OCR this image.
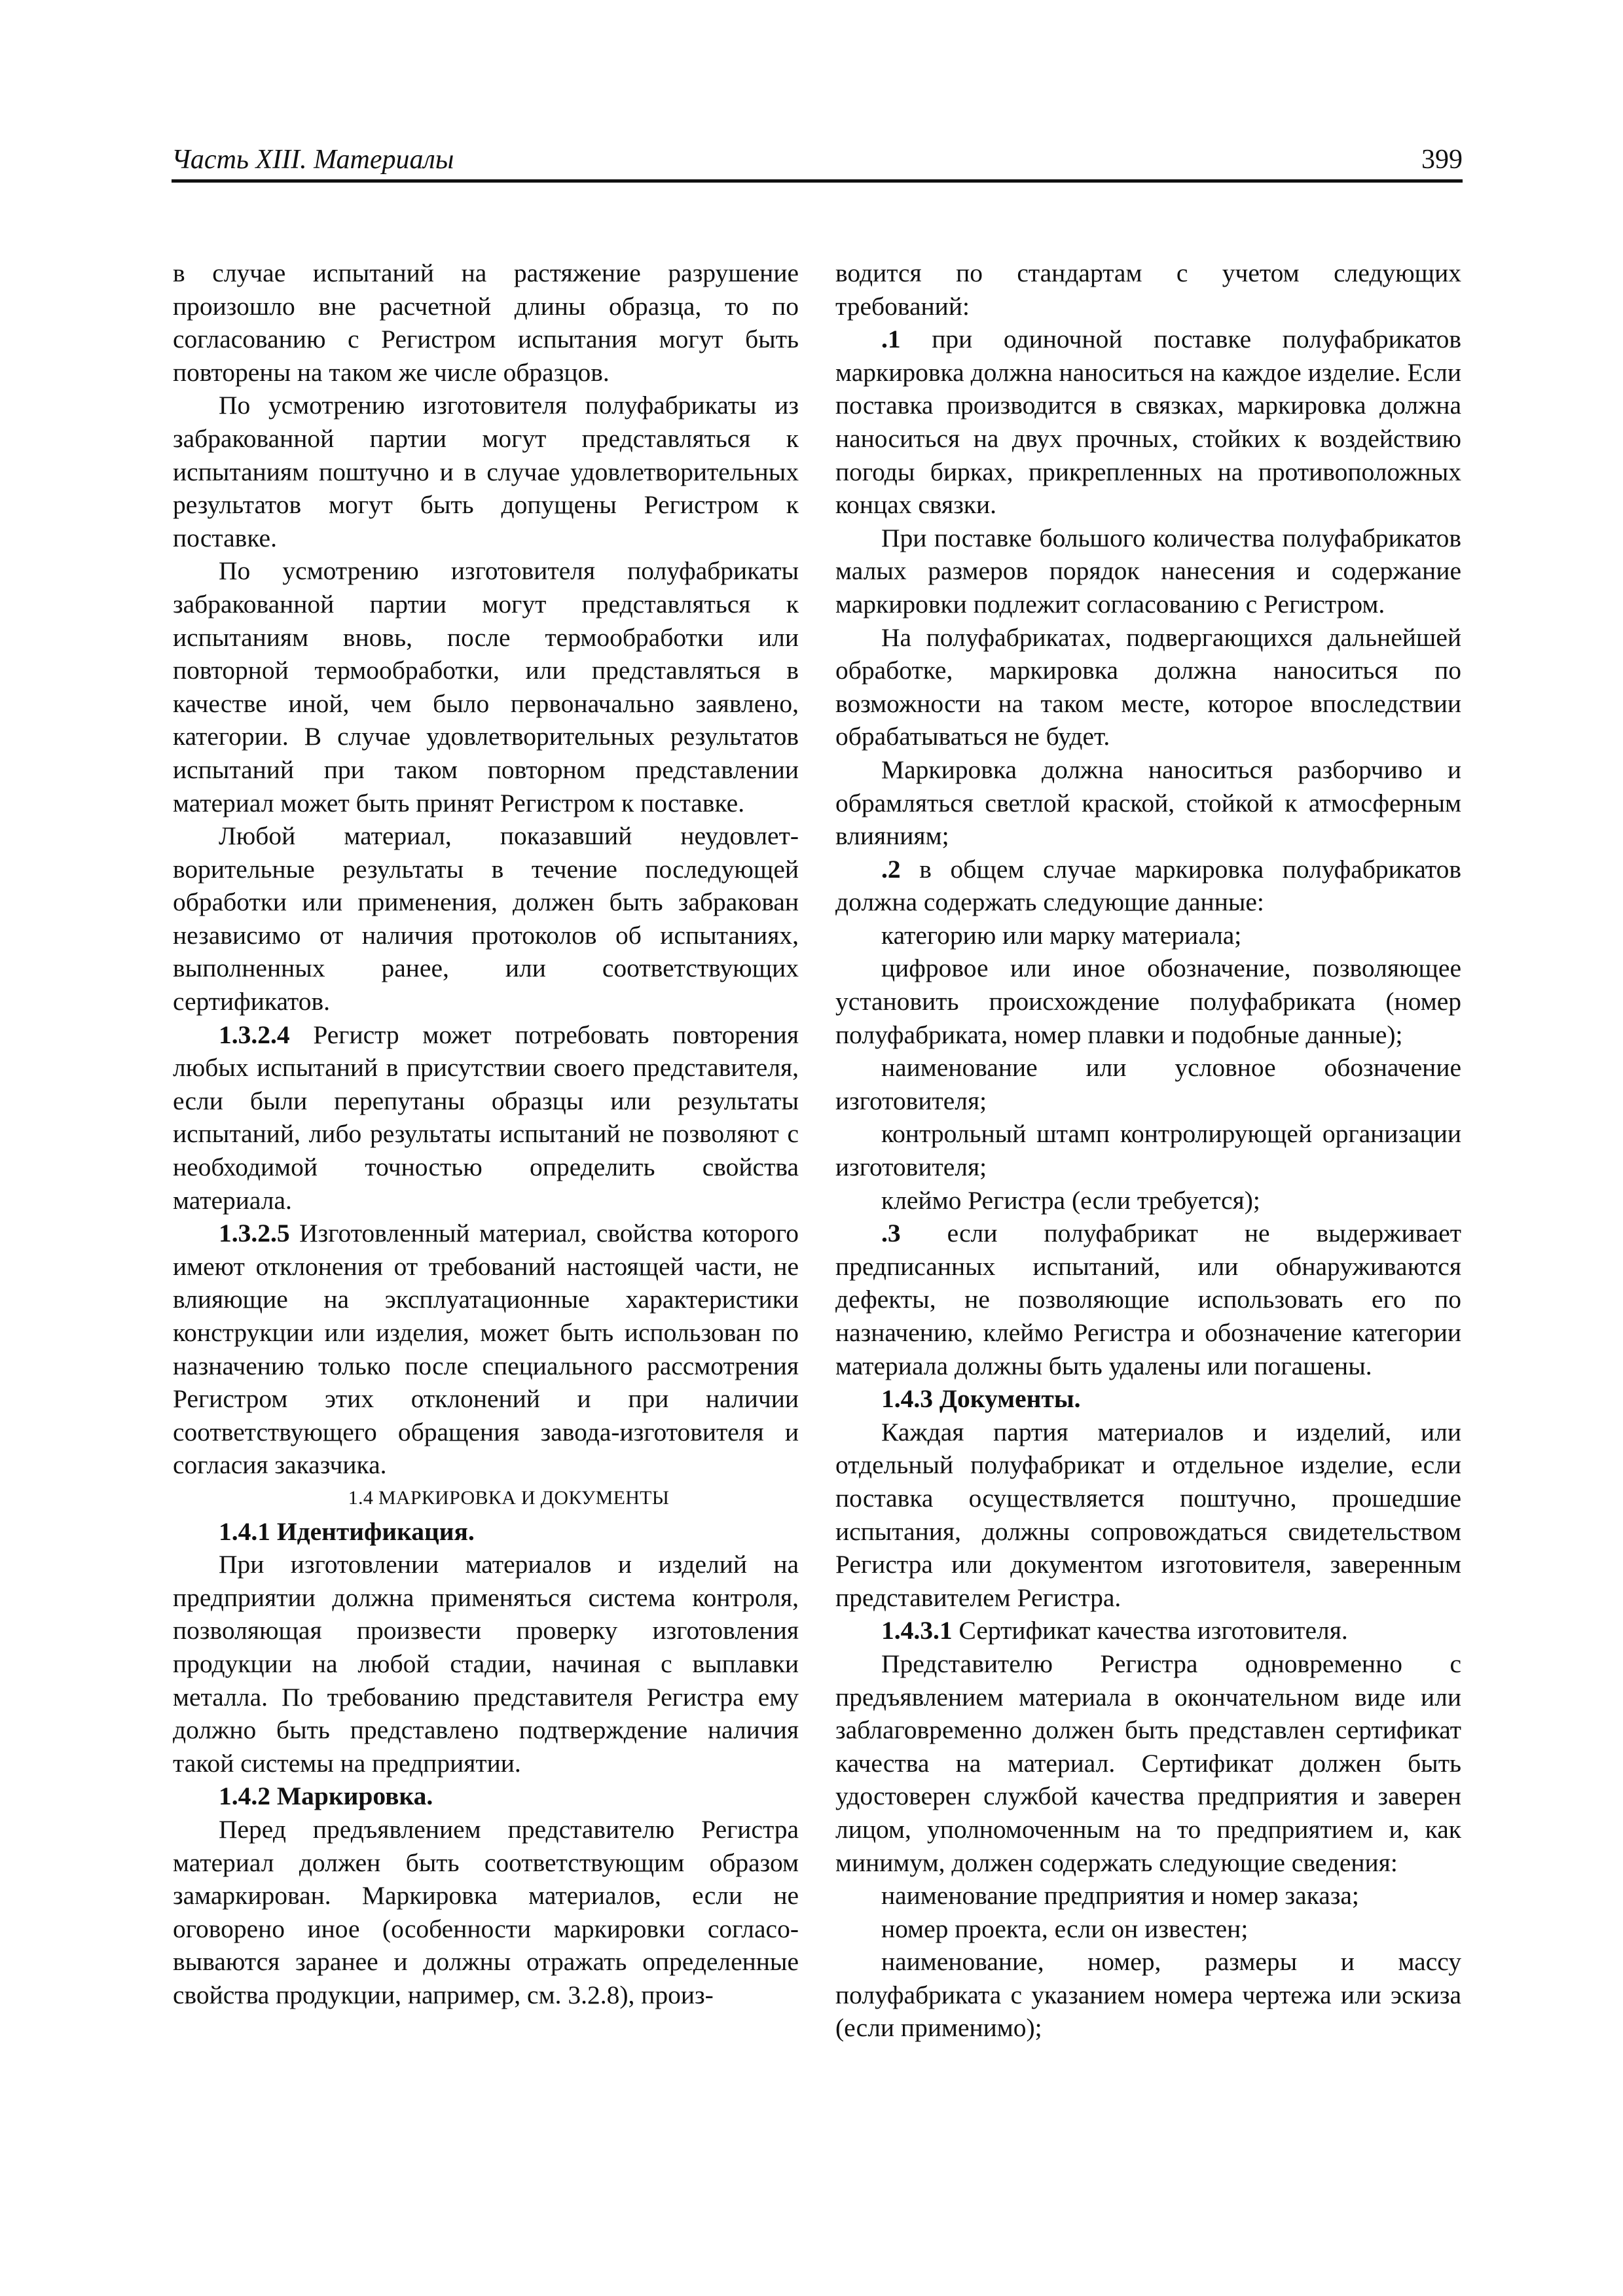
Часть XIII. Материалы	399

в случае испытаний на растяжение разрушение произошло вне расчетной длины образца, то по согласованию с Регистром испытания могут быть повторены на таком же числе образцов.

По усмотрению изготовителя полуфабрикаты из забракованной партии могут представляться к испытаниям поштучно и в случае удовлетворительных результатов могут быть допущены Регистром к поставке.

По усмотрению изготовителя полуфабрикаты забракованной партии могут представляться к испытаниям вновь, после термообработки или повторной термообработки, или представляться в качестве иной, чем было первоначально заявлено, категории. В случае удовлетворительных результатов испытаний при таком повторном представлении материал может быть принят Регистром к поставке.

Любой материал, показавший неудовлетворительные результаты в течение последующей обработки или применения, должен быть забракован независимо от наличия протоколов об испытаниях, выполненных ранее, или соответствующих сертификатов.

1.3.2.4 Регистр может потребовать повторения любых испытаний в присутствии своего представителя, если были перепутаны образцы или результаты испытаний, либо результаты испытаний не позволяют с необходимой точностью определить свойства материала.

1.3.2.5 Изготовленный материал, свойства которого имеют отклонения от требований настоящей части, не влияющие на эксплуатационные характеристики конструкции или изделия, может быть использован по назначению только после специального рассмотрения Регистром этих отклонений и при наличии соответствующего обращения завода-изготовителя и согласия заказчика.

1.4 МАРКИРОВКА И ДОКУМЕНТЫ

1.4.1 Идентификация.

При изготовлении материалов и изделий на предприятии должна применяться система контроля, позволяющая произвести проверку изготовления продукции на любой стадии, начиная с выплавки металла. По требованию представителя Регистра ему должно быть представлено подтверждение наличия такой системы на предприятии.

1.4.2 Маркировка.

Перед предъявлением представителю Регистра материал должен быть соответствующим образом замаркирован. Маркировка материалов, если не оговорено иное (особенности маркировки согласовываются заранее и должны отражать определенные свойства продукции, например, см. 3.2.8), произ-

водится по стандартам с учетом следующих требований:

.1 при одиночной поставке полуфабрикатов маркировка должна наноситься на каждое изделие. Если поставка производится в связках, маркировка должна наноситься на двух прочных, стойких к воздействию погоды бирках, прикрепленных на противоположных концах связки.

При поставке большого количества полуфабрикатов малых размеров порядок нанесения и содержание маркировки подлежит согласованию с Регистром.

На полуфабрикатах, подвергающихся дальнейшей обработке, маркировка должна наноситься по возможности на таком месте, которое впоследствии обрабатываться не будет.

Маркировка должна наноситься разборчиво и обрамляться светлой краской, стойкой к атмосферным влияниям;

.2 в общем случае маркировка полуфабрикатов должна содержать следующие данные:

категорию или марку материала;

цифровое или иное обозначение, позволяющее установить происхождение полуфабриката (номер полуфабриката, номер плавки и подобные данные);

наименование или условное обозначение изготовителя;

контрольный штамп контролирующей организации изготовителя;

клеймо Регистра (если требуется);

.3 если полуфабрикат не выдерживает предписанных испытаний, или обнаруживаются дефекты, не позволяющие использовать его по назначению, клеймо Регистра и обозначение категории материала должны быть удалены или погашены.

1.4.3 Документы.

Каждая партия материалов и изделий, или отдельный полуфабрикат и отдельное изделие, если поставка осуществляется поштучно, прошедшие испытания, должны сопровождаться свидетельством Регистра или документом изготовителя, заверенным представителем Регистра.

1.4.3.1 Сертификат качества изготовителя.

Представителю Регистра одновременно с предъявлением материала в окончательном виде или заблаговременно должен быть представлен сертификат качества на материал. Сертификат должен быть удостоверен службой качества предприятия и заверен лицом, уполномоченным на то предприятием и, как минимум, должен содержать следующие сведения:

наименование предприятия и номер заказа;

номер проекта, если он известен;

наименование, номер, размеры и массу полуфабриката с указанием номера чертежа или эскиза (если применимо);
